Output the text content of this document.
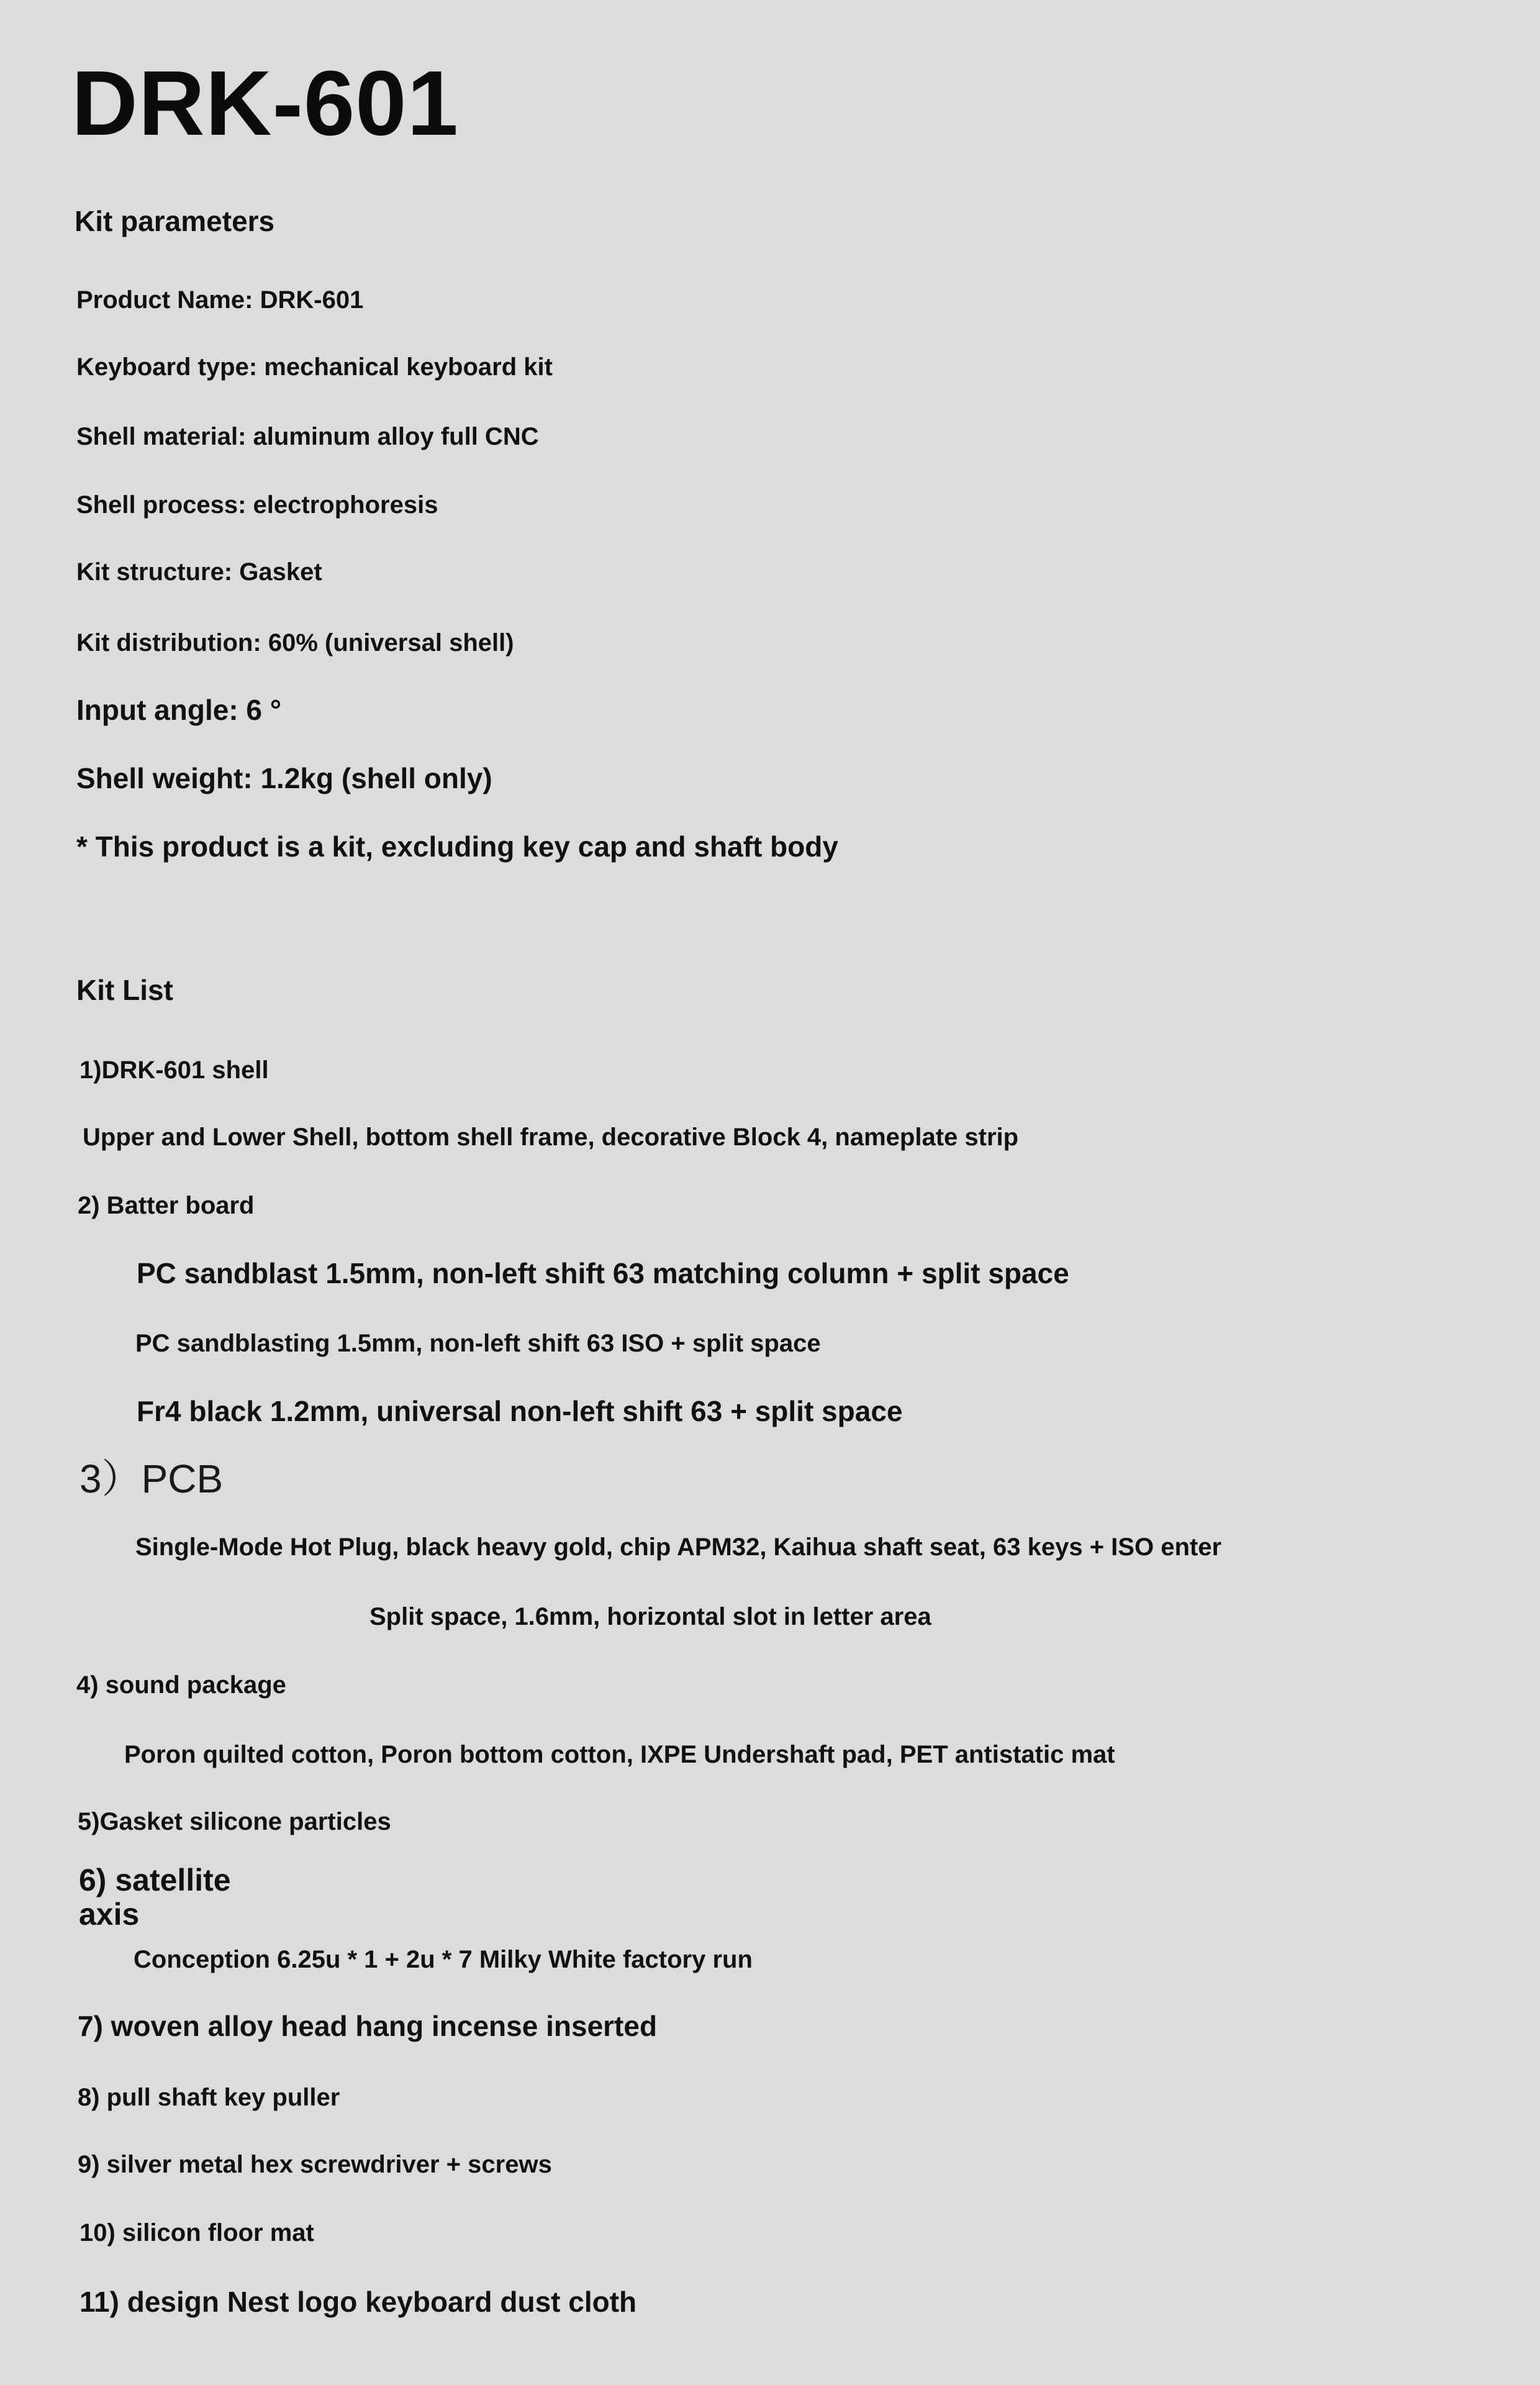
DRK-601
Kit parameters
Product Name: DRK-601
Keyboard type: mechanical keyboard kit
Shell material: aluminum alloy full CNC
Shell process: electrophoresis
Kit structure: Gasket
Kit distribution: 60% (universal shell)
Input angle: 6 °
Shell weight: 1.2kg (shell only)
* This product is a kit, excluding key cap and shaft body
Kit List
1)DRK-601 shell
Upper and Lower Shell, bottom shell frame, decorative Block 4, nameplate strip
2) Batter board
PC sandblast 1.5mm, non-left shift 63 matching column + split space
PC sandblasting 1.5mm, non-left shift 63 ISO + split space
Fr4 black 1.2mm, universal non-left shift 63 + split space
3）PCB
Single-Mode Hot Plug, black heavy gold, chip APM32, Kaihua shaft seat, 63 keys + ISO enter
Split space, 1.6mm, horizontal slot in letter area
4) sound package
Poron quilted cotton, Poron bottom cotton, IXPE Undershaft pad, PET antistatic mat
5)Gasket silicone particles
6) satellite axis
Conception 6.25u * 1 + 2u * 7 Milky White factory run
7) woven alloy head hang incense inserted
8) pull shaft key puller
9) silver metal hex screwdriver + screws
10) silicon floor mat
11) design Nest logo keyboard dust cloth
